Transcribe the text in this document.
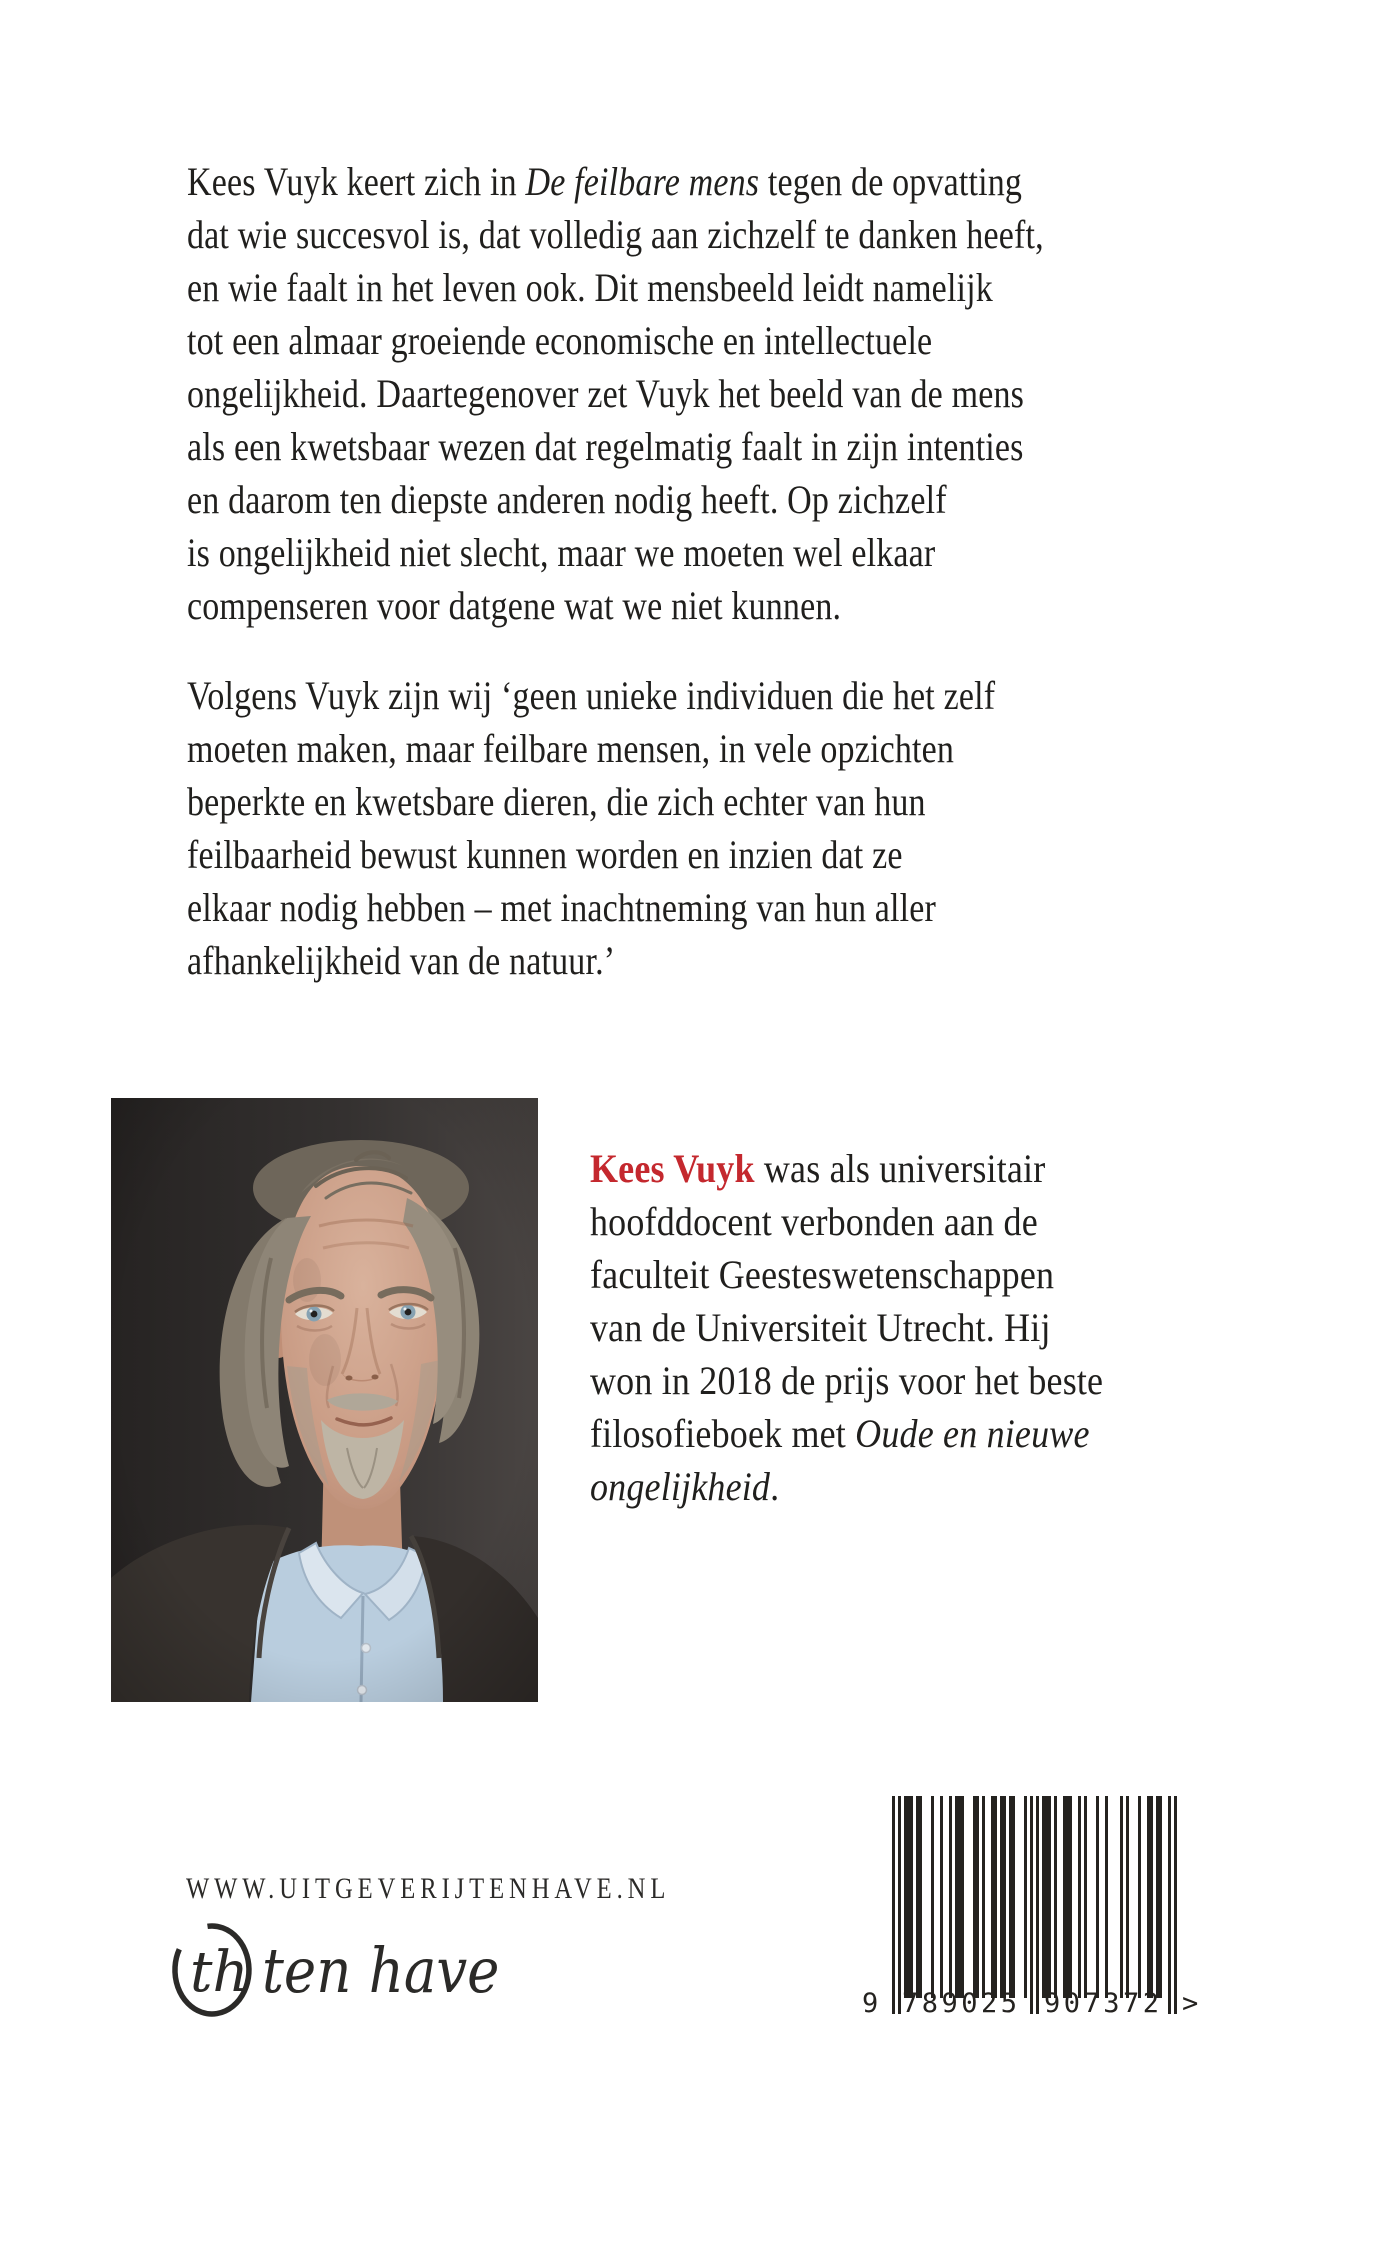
Kees Vuyk keert zich in De feilbare mens tegen de opvatting
dat wie succesvol is, dat volledig aan zichzelf te danken heeft,
en wie faalt in het leven ook. Dit mensbeeld leidt namelijk
tot een almaar groeiende economische en intellectuele
ongelijkheid. Daartegenover zet Vuyk het beeld van de mens
als een kwetsbaar wezen dat regelmatig faalt in zijn intenties
en daarom ten diepste anderen nodig heeft. Op zichzelf
is ongelijkheid niet slecht, maar we moeten wel elkaar
compenseren voor datgene wat we niet kunnen.
Volgens Vuyk zijn wij ‘geen unieke individuen die het zelf
moeten maken, maar feilbare mensen, in vele opzichten
beperkte en kwetsbare dieren, die zich echter van hun
feilbaarheid bewust kunnen worden en inzien dat ze
elkaar nodig hebben – met inachtneming van hun aller
afhankelijkheid van de natuur.’
Kees Vuyk was als universitair
hoofddocent verbonden aan de
faculteit Geesteswetenschappen
van de Universiteit Utrecht. Hij
won in 2018 de prijs voor het beste
filosofieboek met Oude en nieuwe
ongelijkheid.
WWW.UITGEVERIJTENHAVE.NL
th ten have	9 789025 907372 >
